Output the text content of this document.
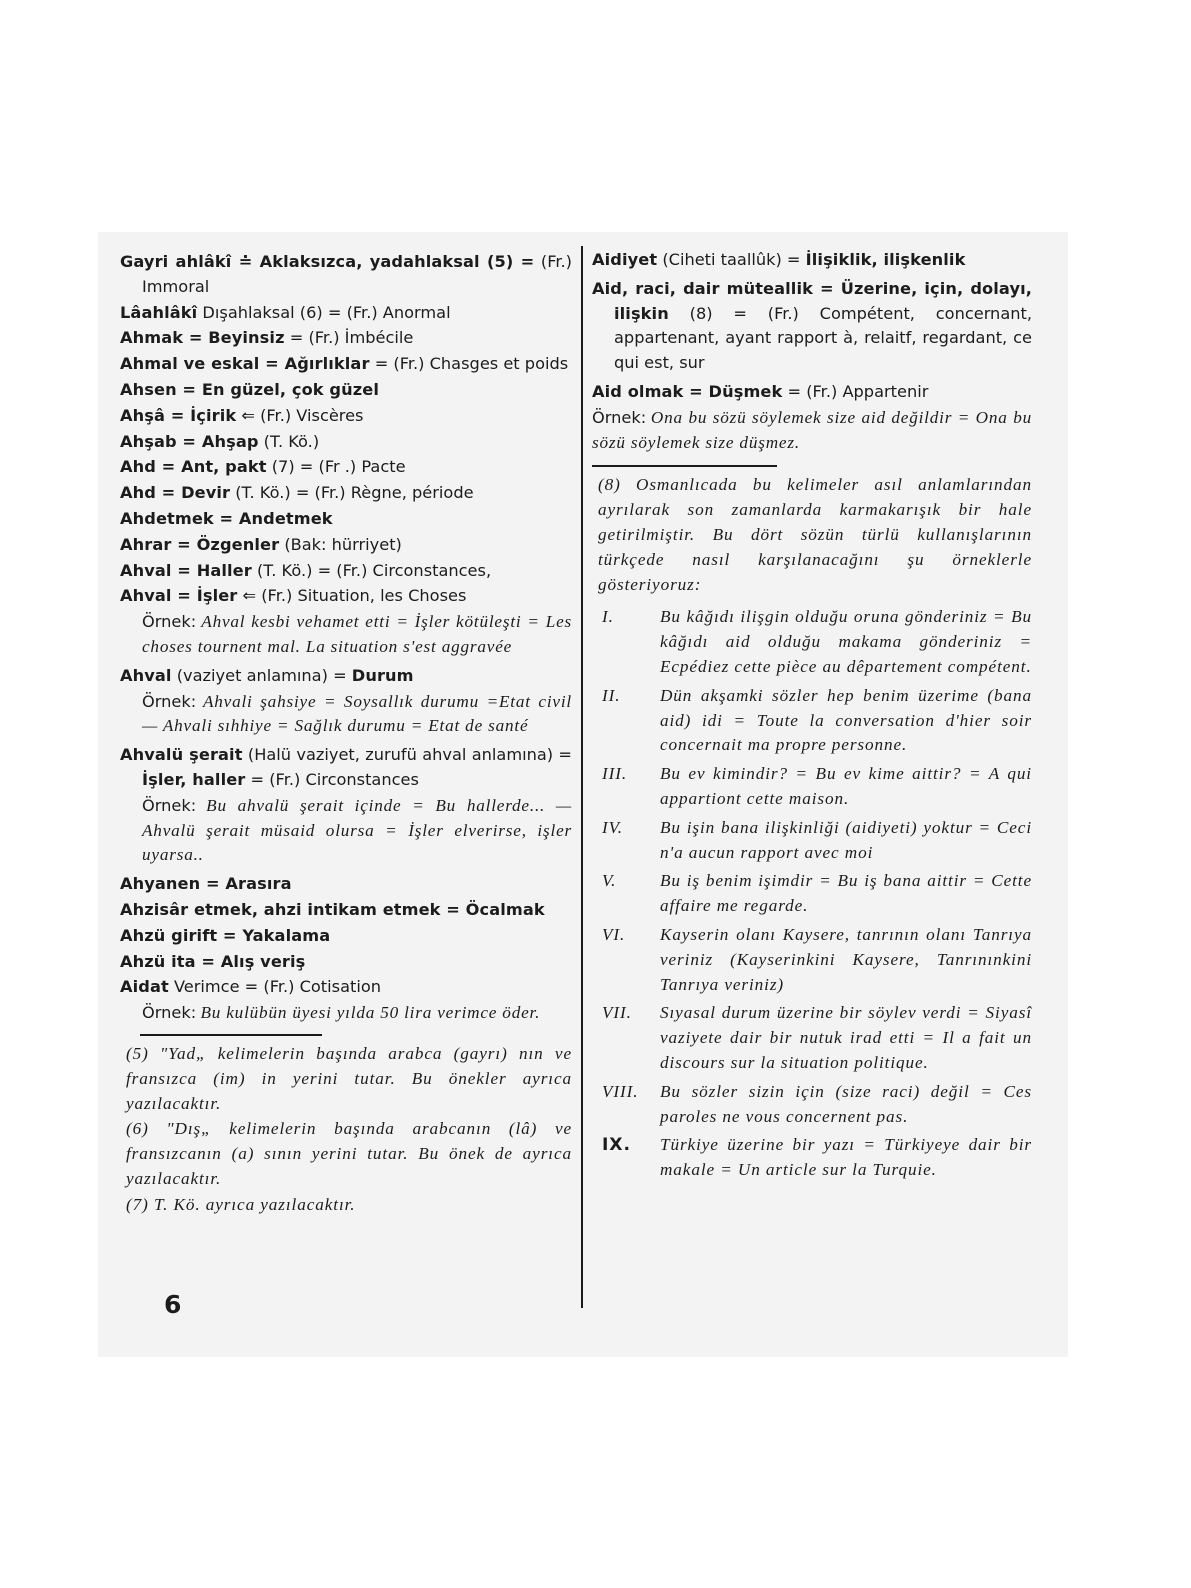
Gayri ahlâkî ≐ Aklaksızca, yadahlaksal (5) = (Fr.) Immoral

Lâahlâkî Dışahlaksal (6) = (Fr.) Anormal

Ahmak = Beyinsiz = (Fr.) İmbécile

Ahmal ve eskal = Ağırlıklar = (Fr.) Chasges et poids

Ahsen = En güzel, çok güzel

Ahşâ = İçirik ⇐ (Fr.) Viscères

Ahşab = Ahşap (T. Kö.)

Ahd = Ant, pakt (7) = (Fr .) Pacte

Ahd = Devir (T. Kö.) = (Fr.) Règne, période

Ahdetmek = Andetmek

Ahrar = Özgenler (Bak: hürriyet)

Ahval = Haller (T. Kö.) = (Fr.) Circonstances,

Ahval = İşler ⇐ (Fr.) Situation, les Choses

Örnek: Ahval kesbi vehamet etti = İşler kötüleşti = Les choses tournent mal. La situation s'est aggravée

Ahval (vaziyet anlamına) = Durum

Örnek: Ahvali şahsiye = Soysallık durumu =Etat civil — Ahvali sıhhiye = Sağlık durumu = Etat de santé

Ahvalü şerait (Halü vaziyet, zurufü ahval anlamına) = İşler, haller = (Fr.) Circonstances

Örnek: Bu ahvalü şerait içinde = Bu hallerde... — Ahvalü şerait müsaid olursa = İşler elverirse, işler uyarsa..

Ahyanen = Arasıra

Ahzisâr etmek, ahzi intikam etmek = Öcalmak

Ahzü girift = Yakalama

Ahzü ita = Alış veriş

Aidat Verimce = (Fr.) Cotisation

Örnek: Bu kulübün üyesi yılda 50 lira verimce öder.

(5) "Yad„ kelimelerin başında arabca (gayrı) nın ve fransızca (im) in yerini tutar. Bu önekler ayrıca yazılacaktır.

(6) "Dış„ kelimelerin başında arabcanın (lâ) ve fransızcanın (a) sının yerini tutar. Bu önek de ayrıca yazılacaktır.

(7) T. Kö. ayrıca yazılacaktır.

Aidiyet (Ciheti taallûk) = İlişiklik, ilişkenlik

Aid, raci, dair müteallik = Üzerine, için, dolayı, ilişkin (8) = (Fr.) Compétent, concernant, appartenant, ayant rapport à, relaitf, regardant, ce qui est, sur

Aid olmak = Düşmek = (Fr.) Appartenir

Örnek: Ona bu sözü söylemek size aid değildir = Ona bu sözü söylemek size düşmez.

(8) Osmanlıcada bu kelimeler asıl anlamlarından ayrılarak son zamanlarda karmakarışık bir hale getirilmiştir. Bu dört sözün türlü kullanışlarının türkçede nasıl karşılanacağını şu örneklerle gösteriyoruz:

I.	Bu kâğıdı ilişgin olduğu oruna gönderiniz = Bu kâğıdı aid olduğu makama gönderiniz = Ecpédiez cette pièce au dêpartement compétent.
II.	Dün akşamki sözler hep benim üzerime (bana aid) idi = Toute la conversation d'hier soir concernait ma propre personne.
III.	Bu ev kimindir? = Bu ev kime aittir? = A qui appartiont cette maison.
IV.	Bu işin bana ilişkinliği (aidiyeti) yoktur = Ceci n'a aucun rapport avec moi
V.	Bu iş benim işimdir = Bu iş bana aittir = Cette affaire me regarde.
VI.	Kayserin olanı Kaysere, tanrının olanı Tanrıya veriniz (Kayserinkini Kaysere, Tanrınınkini Tanrıya veriniz)
VII.	Sıyasal durum üzerine bir söylev verdi = Siyasî vaziyete dair bir nutuk irad etti = Il a fait un discours sur la situation politique.
VIII.	Bu sözler sizin için (size raci) değil = Ces paroles ne vous concernent pas.
IX.	Türkiye üzerine bir yazı = Türkiyeye dair bir makale = Un article sur la Turquie.
6
